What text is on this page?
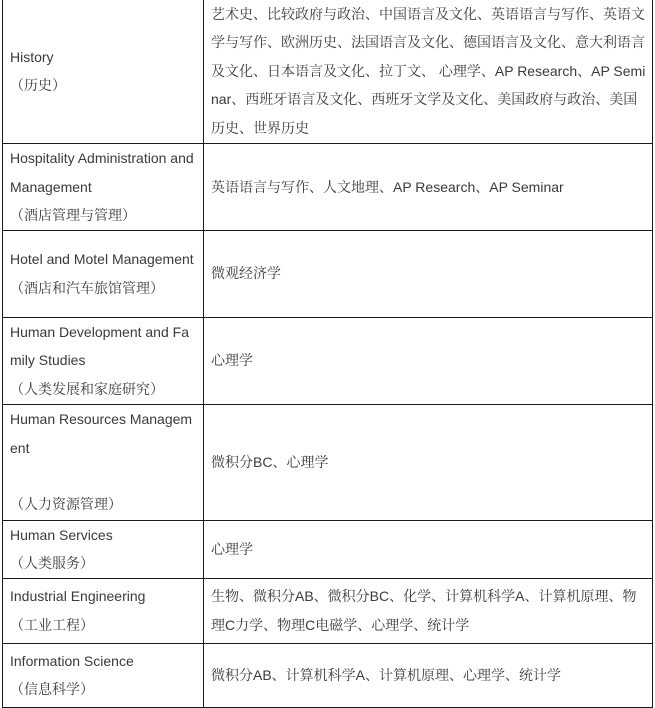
History
（历史）	艺术史、比较政府与政治、中国语言及文化、英语语言与写作、英语文学与写作、欧洲历史、法国语言及文化、德国语言及文化、意大利语言及文化、日本语言及文化、拉丁文、 心理学、AP Research、AP Seminar、西班牙语言及文化、西班牙文学及文化、美国政府与政治、美国历史、世界历史

Hospitality Administration and Management
（酒店管理与管理）	英语语言与写作、人文地理、AP Research、AP Seminar

Hotel and Motel Management
（酒店和汽车旅馆管理）	微观经济学

Human Development and Family Studies
（人类发展和家庭研究）	心理学

Human Resources Management
（人力资源管理）	微积分BC、心理学

Human Services
（人类服务）	心理学

Industrial Engineering
（工业工程）	生物、微积分AB、微积分BC、化学、计算机科学A、计算机原理、物理C力学、物理C电磁学、心理学、统计学

Information Science
（信息科学）	微积分AB、计算机科学A、计算机原理、心理学、统计学
